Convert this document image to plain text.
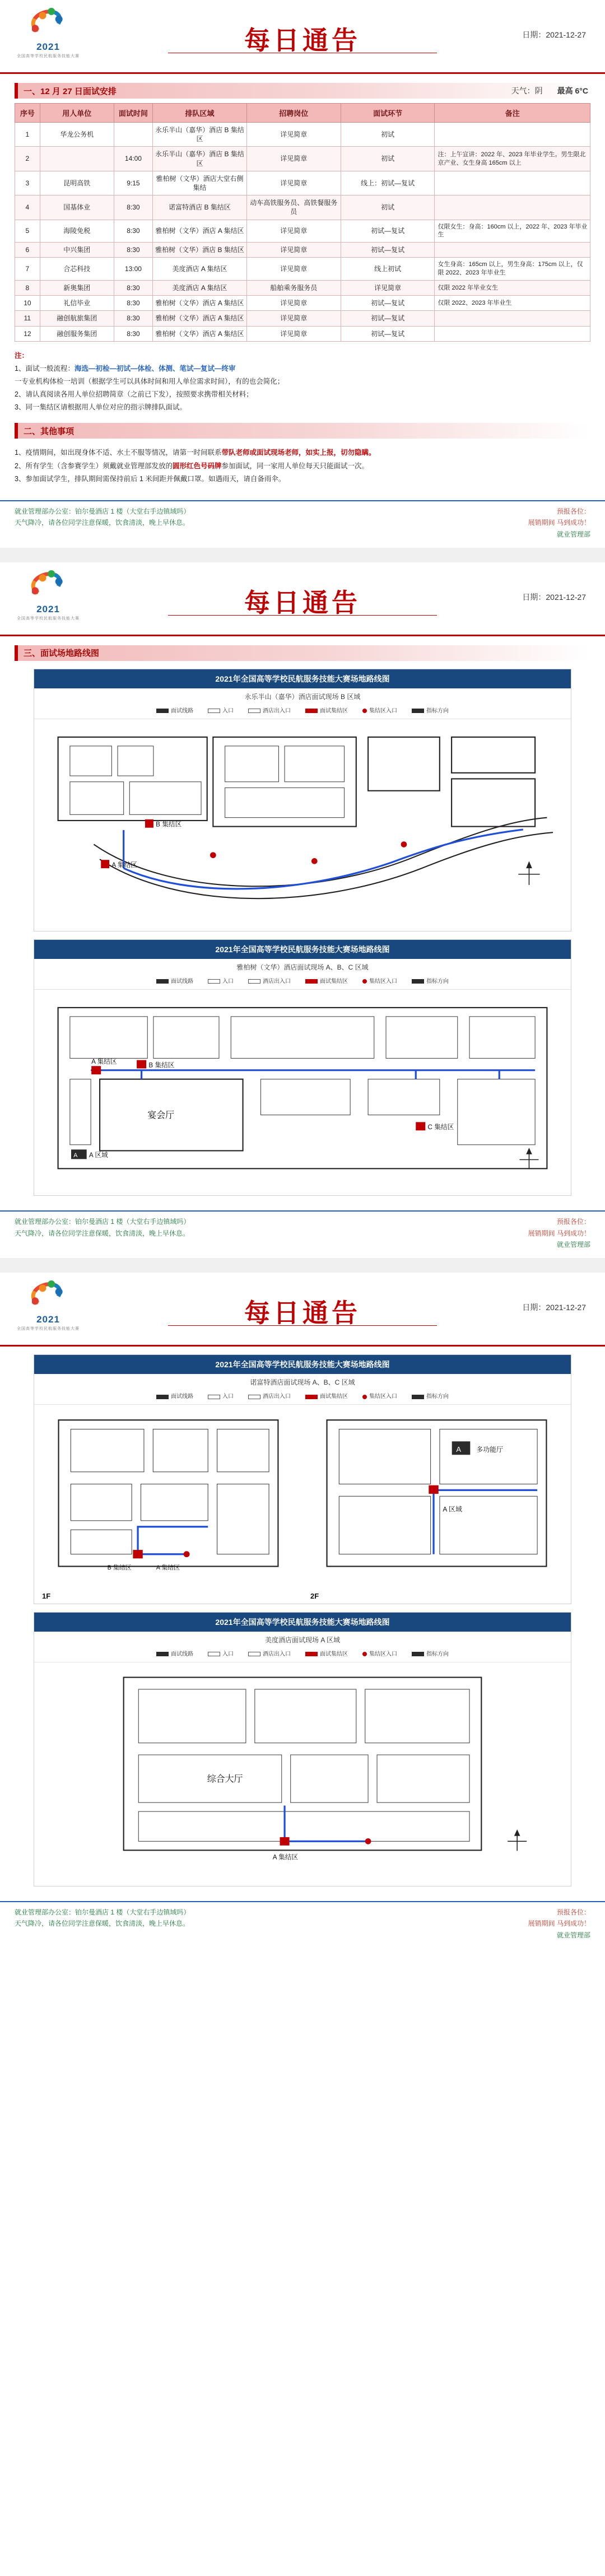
2021
全国高等学校民航服务技能大赛
每日通告	日期：2021-12-27
一、12 月 27 日面试安排	天气：阴 最高 6°C
序号	用人单位	面试时间	排队区域	招聘岗位	面试环节	备注
1	华龙公务机		永乐半山（嘉华）酒店 B 集结区	详见简章	初试	
2		14:00	永乐半山（嘉华）酒店 B 集结区	详见简章	初试	注：上午宣讲：2022 年、2023 年毕业学生。男生限北京产业、女生身高 165cm 以上
3	昆明高铁	9:15	雅柏树（文华）酒店大堂右侧集结	详见简章	线上：初试—复试	
4	国基体业	8:30	诺富特酒店 B 集结区	动车高铁服务员、高铁餐服务员	初试	
5	海陵免税	8:30	雅柏树（文华）酒店 A 集结区	详见简章	初试—复试	仅限女生：身高：160cm 以上，2022 年、2023 年毕业生
6	中兴集团	8:30	雅柏树（文华）酒店 B 集结区	详见简章	初试—复试	
7	合芯科技	13:00	美度酒店 A 集结区	详见简章	线上初试	女生身高：165cm 以上，男生身高：175cm 以上，仅限 2022、2023 年毕业生
8	新奥集团	8:30	美度酒店 A 集结区	船舶乘务服务员	详见简章	仅限 2022 年毕业女生
10	礼信毕业	8:30	雅柏树（文华）酒店 A 集结区	详见简章	初试—复试	仅限 2022、2023 年毕业生
11	融创航旅集团	8:30	雅柏树（文华）酒店 A 集结区	详见简章	初试—复试	
12	融创服务集团	8:30	雅柏树（文华）酒店 A 集结区	详见简章	初试—复试	
注：
1、面试一般流程：海选—初检—初试—体检、体测、笔试—复试—终审
一专业机构体检一培训（根据学生可以具体时间和用人单位需求时间），有的也会简化；
2、请认真阅读各用人单位招聘简章（之前已下发），按照要求携带相关材料；
3、同一集结区请根据用人单位对应的指示牌排队面试。
二、其他事项
1、疫情期间，如出现身体不适、水土不服等情况，请第一时间联系带队老师或面试现场老师，如实上报，切勿隐瞒。
2、所有学生（含参赛学生）须戴就业管理部发放的圆形红色号码牌参加面试，同一家用人单位每天只能面试一次。
3、参加面试学生，排队期间需保持前后 1 米间距并佩戴口罩。如遇雨天，请自备雨伞。
就业管理部办公室：铂尔曼酒店 1 楼（大堂右手边镇域吗）
天气降冷，请各位同学注意保暖，饮食清淡，晚上早休息。
预报各位：
展销期间 马到成功！
就业管理部
2021
全国高等学校民航服务技能大赛
每日通告	日期：2021-12-27
三、面试场地路线图
2021年全国高等学校民航服务技能大赛场地路线图
永乐半山（嘉华）酒店面试现场 B 区域
面试线路	入口	酒店出入口	面试集结区	集结区入口	指标方向
B 集结区
A 集结区
2021年全国高等学校民航服务技能大赛场地路线图
雅柏树（文华）酒店面试现场 A、B、C 区域
面试线路	入口	酒店出入口	面试集结区	集结区入口	指标方向
宴会厅
A 集结区	B 集结区
C 集结区
A A 区域
就业管理部办公室：铂尔曼酒店 1 楼（大堂右手边镇域吗）
天气降冷，请各位同学注意保暖，饮食清淡，晚上早休息。
预报各位：
展销期间 马到成功！
就业管理部
2021
全国高等学校民航服务技能大赛
每日通告	日期：2021-12-27
2021年全国高等学校民航服务技能大赛场地路线图
诺富特酒店面试现场 A、B、C 区域
面试线路	入口	酒店出入口	面试集结区	集结区入口	指标方向
B 集结区	A 集结区
1F
A 多功能厅
A 区域
2F
2021年全国高等学校民航服务技能大赛场地路线图
美度酒店面试现场 A 区域
面试线路	入口	酒店出入口	面试集结区	集结区入口	指标方向
综合大厅
A 集结区
就业管理部办公室：铂尔曼酒店 1 楼（大堂右手边镇域吗）
天气降冷，请各位同学注意保暖，饮食清淡，晚上早休息。
预报各位：
展销期间 马到成功！
就业管理部
